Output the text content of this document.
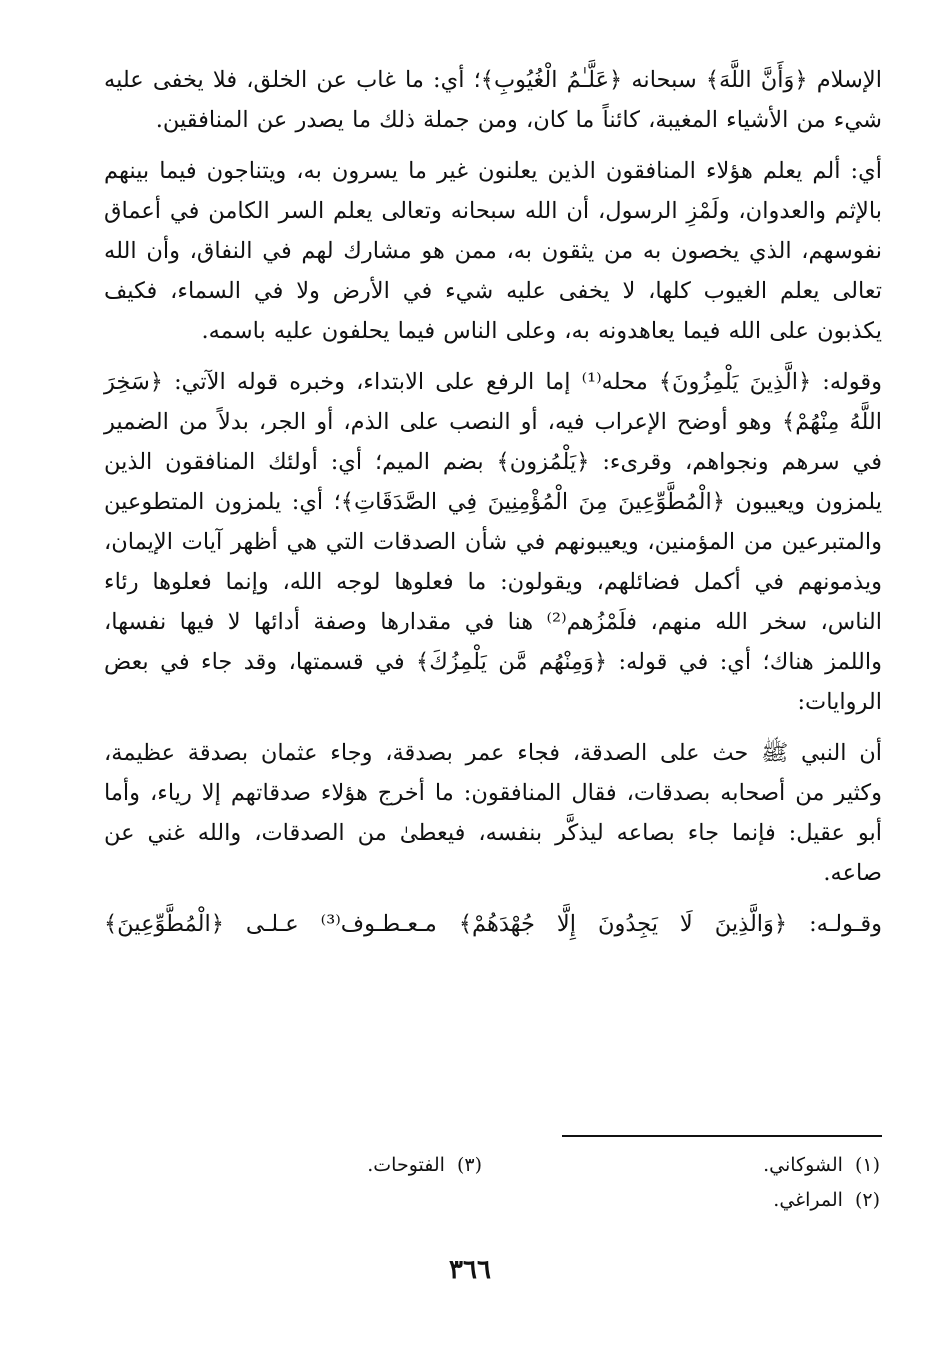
الإسلام ﴿وَأَنَّ اللَّهَ﴾ سبحانه ﴿عَلَّـٰمُ الْغُيُوبِ﴾؛ أي: ما غاب عن الخلق، فلا يخفى عليه شيء من الأشياء المغيبة، كائناً ما كان، ومن جملة ذلك ما يصدر عن المنافقين.

أي: ألم يعلم هؤلاء المنافقون الذين يعلنون غير ما يسرون به، ويتناجون فيما بينهم بالإثم والعدوان، ولَمْزِ الرسول، أن الله سبحانه وتعالى يعلم السر الكامن في أعماق نفوسهم، الذي يخصون به من يثقون به، ممن هو مشارك لهم في النفاق، وأن الله تعالى يعلم الغيوب كلها، لا يخفى عليه شيء في الأرض ولا في السماء، فكيف يكذبون على الله فيما يعاهدونه به، وعلى الناس فيما يحلفون عليه باسمه.

وقوله: ﴿الَّذِينَ يَلْمِزُونَ﴾ محله⁽¹⁾ إما الرفع على الابتداء، وخبره قوله الآتي: ﴿سَخِرَ اللَّهُ مِنْهُمْ﴾ وهو أوضح الإعراب فيه، أو النصب على الذم، أو الجر، بدلاً من الضمير في سرهم ونجواهم، وقرىء: ﴿يَلْمُزون﴾ بضم الميم؛ أي: أولئك المنافقون الذين يلمزون ويعيبون ﴿الْمُطَّوِّعِينَ مِنَ الْمُؤْمِنِينَ فِي الصَّدَقَاتِ﴾؛ أي: يلمزون المتطوعين والمتبرعين من المؤمنين، ويعيبونهم في شأن الصدقات التي هي أظهر آيات الإيمان، ويذمونهم في أكمل فضائلهم، ويقولون: ما فعلوها لوجه الله، وإنما فعلوها رئاء الناس، سخر الله منهم، فلَمْزُهم⁽²⁾ هنا في مقدارها وصفة أدائها لا فيها نفسها، واللمز هناك؛ أي: في قوله: ﴿وَمِنْهُم مَّن يَلْمِزُكَ﴾ في قسمتها، وقد جاء في بعض الروايات:

أن النبي ﷺ حث على الصدقة، فجاء عمر بصدقة، وجاء عثمان بصدقة عظيمة، وكثير من أصحابه بصدقات، فقال المنافقون: ما أخرج هؤلاء صدقاتهم إلا رياء، وأما أبو عقيل: فإنما جاء بصاعه ليذكَّر بنفسه، فيعطىٰ من الصدقات، والله غني عن صاعه.

وقـولـه: ﴿وَالَّذِينَ لَا يَجِدُونَ إِلَّا جُهْدَهُمْ﴾ مـعـطـوف⁽³⁾ عـلـى ﴿الْمُطَّوِّعِينَ﴾

(١)الشوكاني.
(٢)المراغي.
(٣)الفتوحات.
٣٦٦
